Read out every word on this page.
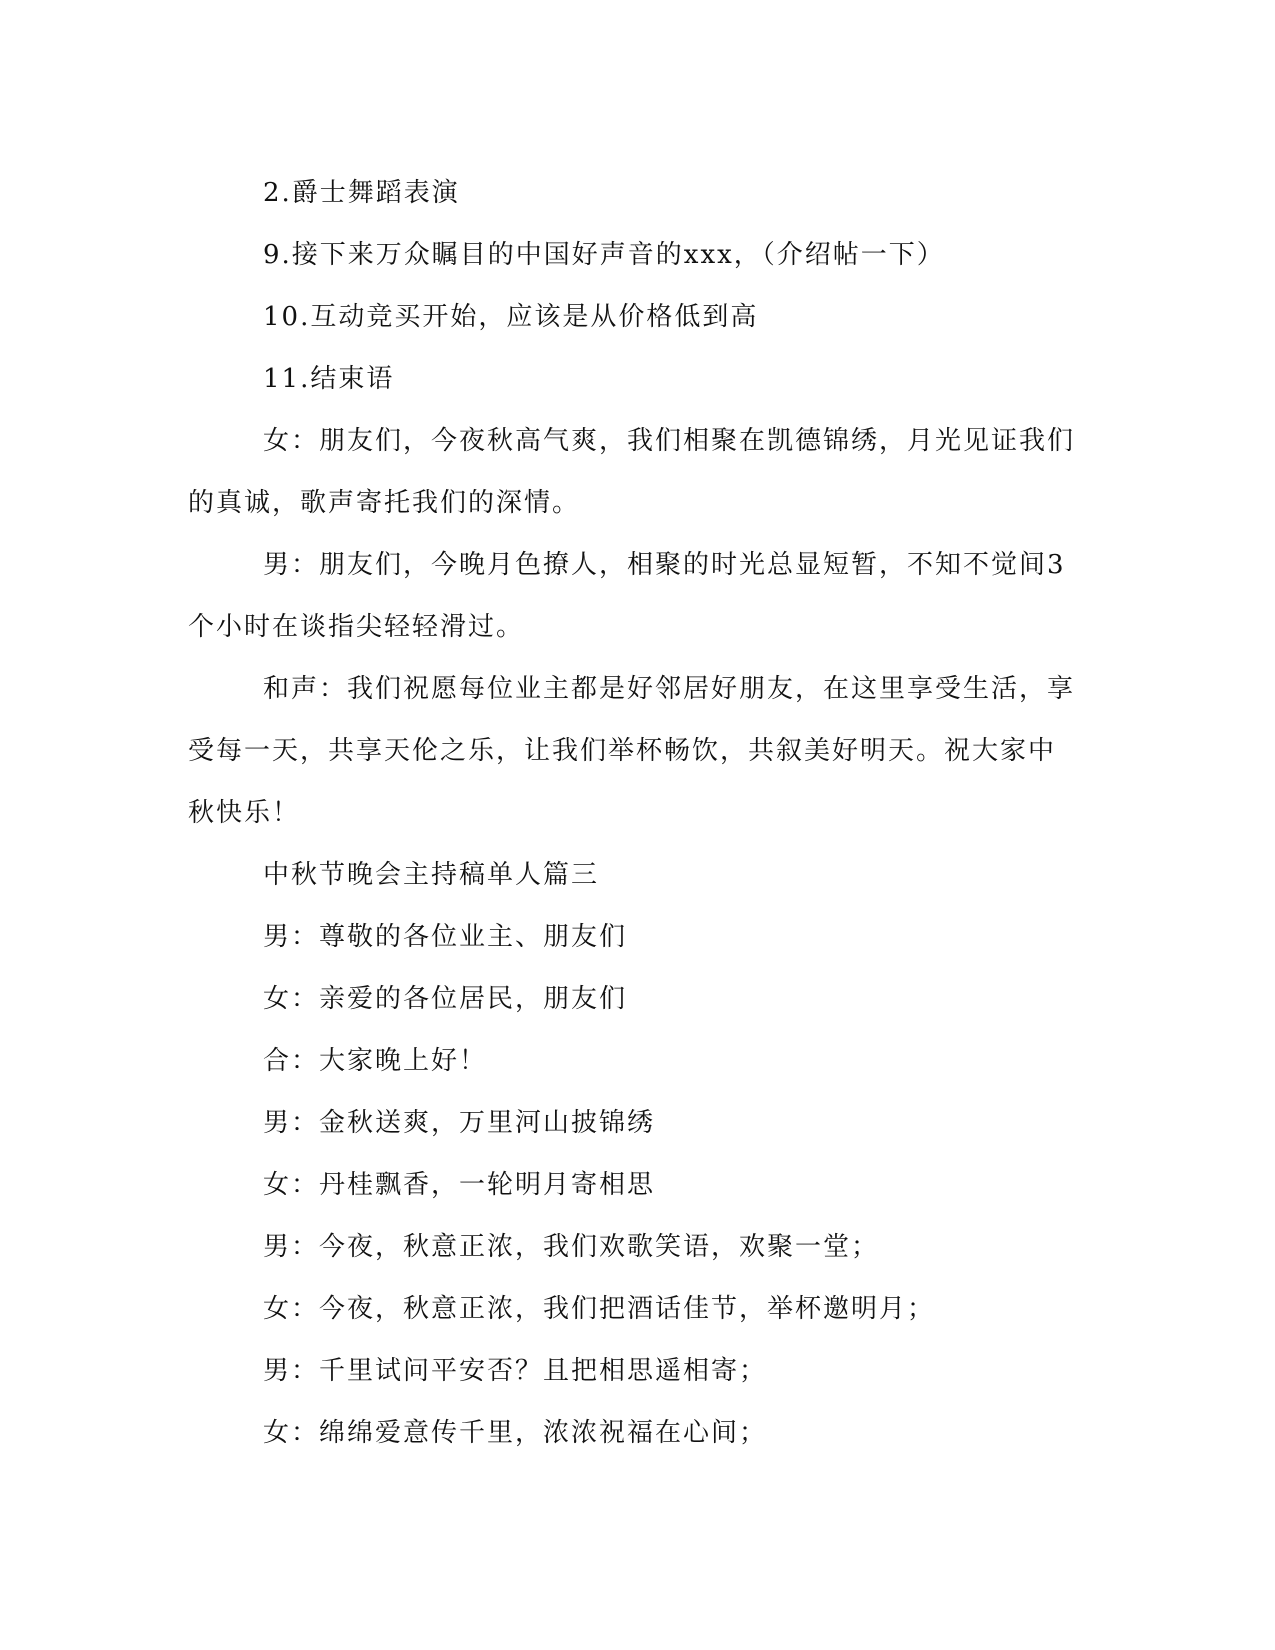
2.爵士舞蹈表演

9.接下来万众瞩目的中国好声音的xxx，（介绍帖一下）

10.互动竞买开始，应该是从价格低到高

11.结束语

女：朋友们，今夜秋高气爽，我们相聚在凯德锦绣，月光见证我们的真诚，歌声寄托我们的深情。

男：朋友们，今晚月色撩人，相聚的时光总显短暂，不知不觉间3个小时在谈指尖轻轻滑过。

和声：我们祝愿每位业主都是好邻居好朋友，在这里享受生活，享受每一天，共享天伦之乐，让我们举杯畅饮，共叙美好明天。祝大家中秋快乐！

中秋节晚会主持稿单人篇三

男：尊敬的各位业主、朋友们

女：亲爱的各位居民，朋友们

合：大家晚上好！

男：金秋送爽，万里河山披锦绣

女：丹桂飘香，一轮明月寄相思

男：今夜，秋意正浓，我们欢歌笑语，欢聚一堂；

女：今夜，秋意正浓，我们把酒话佳节，举杯邀明月；

男：千里试问平安否？且把相思遥相寄；

女：绵绵爱意传千里，浓浓祝福在心间；
